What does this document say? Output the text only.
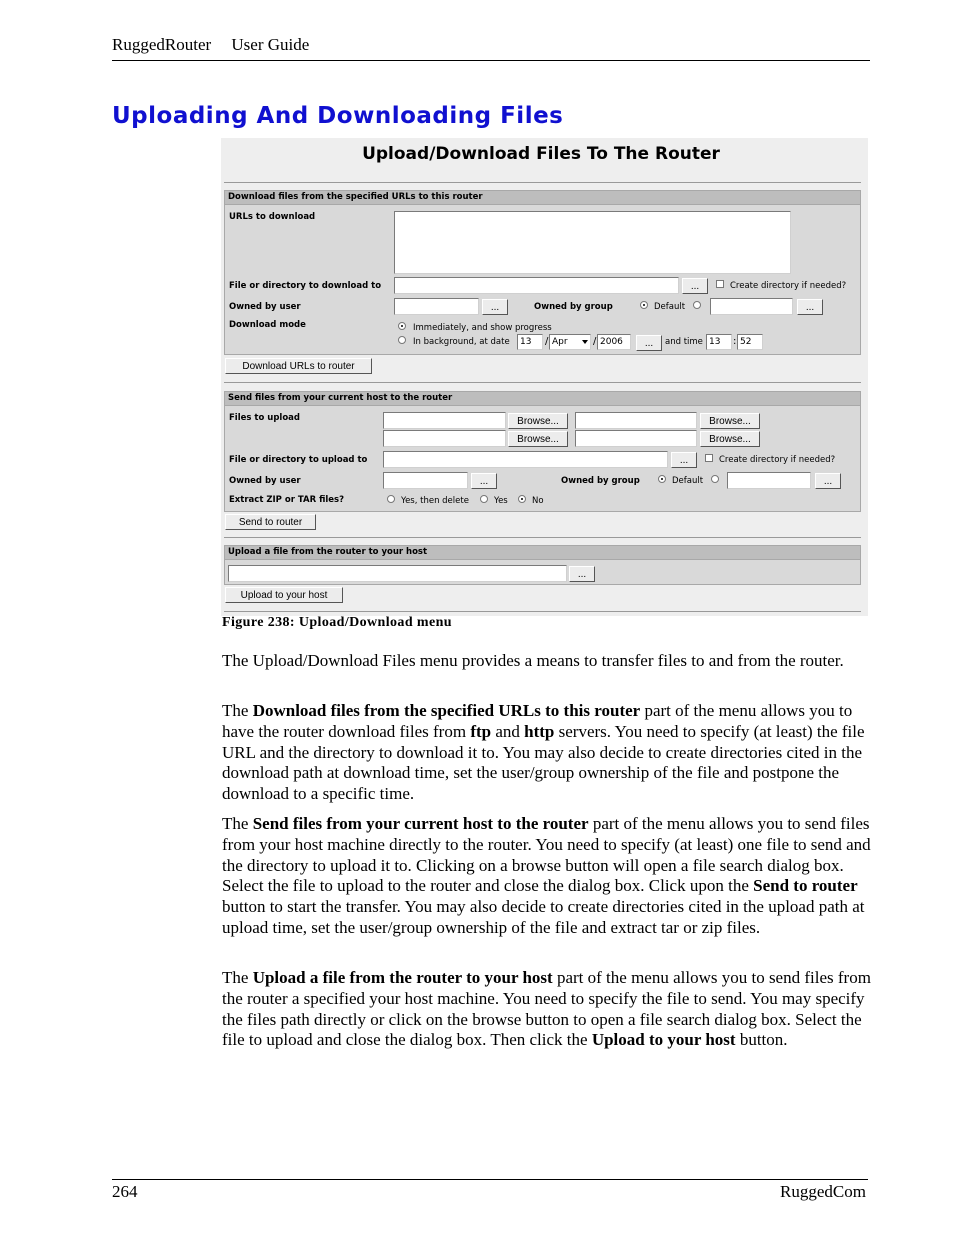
RuggedRouter User Guide
Uploading And Downloading Files
Upload/Download Files To The Router
Download files from the specified URLs to this router
URLs to download
File or directory to download to	...	Create directory if needed?
Owned by user	...	Owned by group	Default	...
Download mode	Immediately, and show progress
In background, at date	13	/ Apr	/ 2006	...	and time 13	: 52
Download URLs to router
Send files from your current host to the router
Files to upload	Browse...	Browse...
Browse...	Browse...
File or directory to upload to	...	Create directory if needed?
Owned by user	...	Owned by group	Default	...
Extract ZIP or TAR files?	Yes, then delete	Yes	No
Send to router
Upload a file from the router to your host
...
Upload to your host
Figure 238: Upload/Download menu

The Upload/Download Files menu provides a means to transfer files to and from the router.

The Download files from the specified URLs to this router part of the menu allows you to have the router download files from ftp and http servers. You need to specify (at least) the file URL and the directory to download it to. You may also decide to create directories cited in the download path at download time, set the user/group ownership of the file and postpone the download to a specific time.

The Send files from your current host to the router part of the menu allows you to send files from your host machine directly to the router. You need to specify (at least) one file to send and the directory to upload it to. Clicking on a browse button will open a file search dialog box. Select the file to upload to the router and close the dialog box. Click upon the Send to router button to start the transfer. You may also decide to create directories cited in the upload path at upload time, set the user/group ownership of the file and extract tar or zip files.

The Upload a file from the router to your host part of the menu allows you to send files from the router a specified your host machine. You need to specify the file to send. You may specify the files path directly or click on the browse button to open a file search dialog box. Select the file to upload and close the dialog box. Then click the Upload to your host button.

264	RuggedCom
